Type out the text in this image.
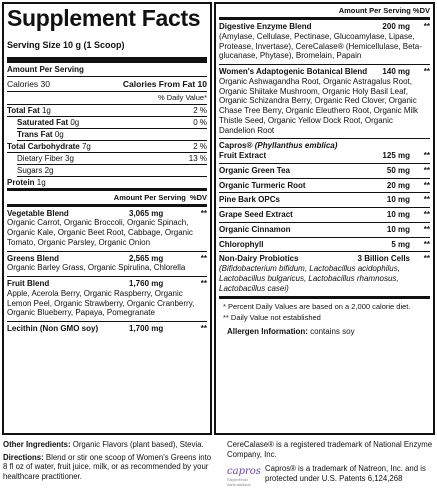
Supplement Facts
Serving Size 10 g (1 Scoop)
Amount Per Serving
Calories 30	Calories From Fat 10
% Daily Value*
Total Fat 1g	2 %
Saturated Fat 0g	0 %
Trans Fat 0g
Total Carbohydrate 7g	2 %
Dietary Fiber 3g	13 %
Sugars 2g
Protein 1g
Amount Per Serving %DV
Vegetable Blend	3,065 mg	**
Organic Carrot, Organic Broccoli, Organic Spinach, Organic Kale, Organic Beet Root, Cabbage, Organic Tomato, Organic Parsley, Organic Onion
Greens Blend	2,565 mg	**
Organic Barley Grass, Organic Spirulina, Chlorella
Fruit Blend	1,760 mg	**
Apple, Acerola Berry, Organic Raspberry, Organic Lemon Peel, Organic Strawberry, Organic Cranberry, Organic Blueberry, Papaya, Pomegranate
Lecithin (Non GMO soy)	1,700 mg	**
Amount Per Serving %DV
Digestive Enzyme Blend	200 mg	**
(Amylase, Cellulase, Pectinase, Glucoamylase, Lipase, Protease, Invertase), CereCalase® (Hemicellulase, Beta-glucanase, Phytase), Bromelain, Papain
Women's Adaptogenic Botanical Blend	140 mg	**
Organic Ashwagandha Root, Organic Astragalus Root, Organic Shiitake Mushroom, Organic Holy Basil Leaf, Organic Schizandra Berry, Organic Red Clover, Organic Chase Tree Berry, Organic Eleuthero Root, Organic Milk Thistle Seed, Organic Yellow Dock Root, Organic Dandelion Root
Capros® (Phyllanthus emblica)
Fruit Extract	125 mg	**
Organic Green Tea	50 mg	**
Organic Turmeric Root	20 mg	**
Pine Bark OPCs	10 mg	**
Grape Seed Extract	10 mg	**
Organic Cinnamon	10 mg	**
Chlorophyll	5 mg	**
Non-Dairy Probiotics	3 Billion Cells	**
(Bifidobacterium bifidum, Lactobacillus acidophilus, Lactobacillus bulgaricus, Lactobacillus rhamnosus, Lactobacillus casei)
* Percent Daily Values are based on a 2,000 calorie diet.
** Daily Value not established
Allergen Information: contains soy
Other Ingredients: Organic Flavors (plant based), Stevia.
Directions: Blend or stir one scoop of Women's Greens into 8 fl oz of water, fruit juice, milk, or as recommended by your healthcare practitioner.
CereCalase® is a registered trademark of National Enzyme Company, Inc.
capros
Superfruit Antioxidant
Capros® is a trademark of Natreon, Inc. and is protected under U.S. Patents 6,124,268
